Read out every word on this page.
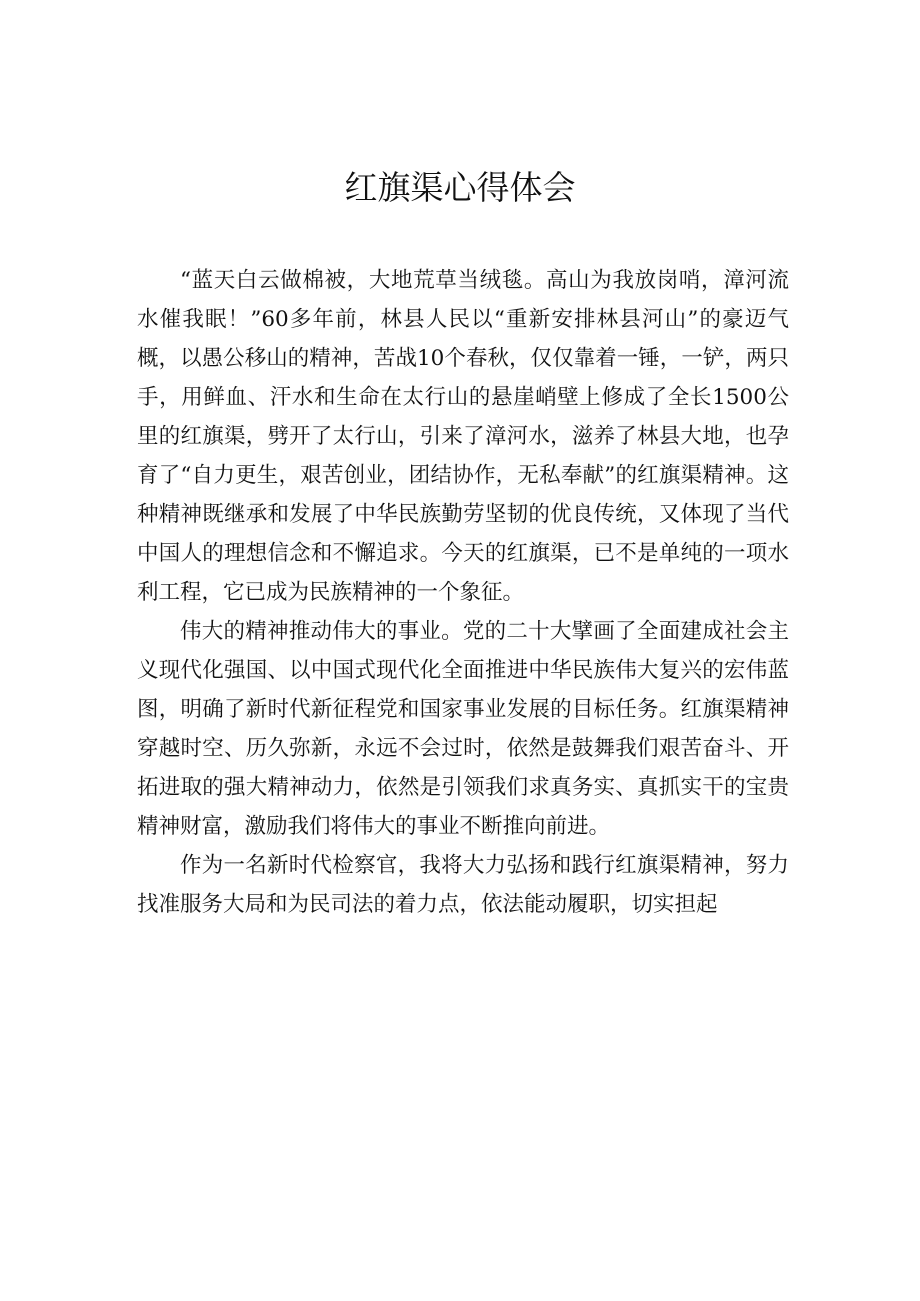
红旗渠心得体会

“蓝天白云做棉被，大地荒草当绒毯。高山为我放岗哨，漳河流水催我眠！”60多年前，林县人民以“重新安排林县河山”的豪迈气概，以愚公移山的精神，苦战10个春秋，仅仅靠着一锤，一铲，两只手，用鲜血、汗水和生命在太行山的悬崖峭壁上修成了全长1500公里的红旗渠，劈开了太行山，引来了漳河水，滋养了林县大地，也孕育了“自力更生，艰苦创业，团结协作，无私奉献”的红旗渠精神。这种精神既继承和发展了中华民族勤劳坚韧的优良传统，又体现了当代中国人的理想信念和不懈追求。今天的红旗渠，已不是单纯的一项水利工程，它已成为民族精神的一个象征。

伟大的精神推动伟大的事业。党的二十大擘画了全面建成社会主义现代化强国、以中国式现代化全面推进中华民族伟大复兴的宏伟蓝图，明确了新时代新征程党和国家事业发展的目标任务。红旗渠精神穿越时空、历久弥新，永远不会过时，依然是鼓舞我们艰苦奋斗、开拓进取的强大精神动力，依然是引领我们求真务实、真抓实干的宝贵精神财富，激励我们将伟大的事业不断推向前进。

作为一名新时代检察官，我将大力弘扬和践行红旗渠精神，努力找准服务大局和为民司法的着力点，依法能动履职，切实担起
